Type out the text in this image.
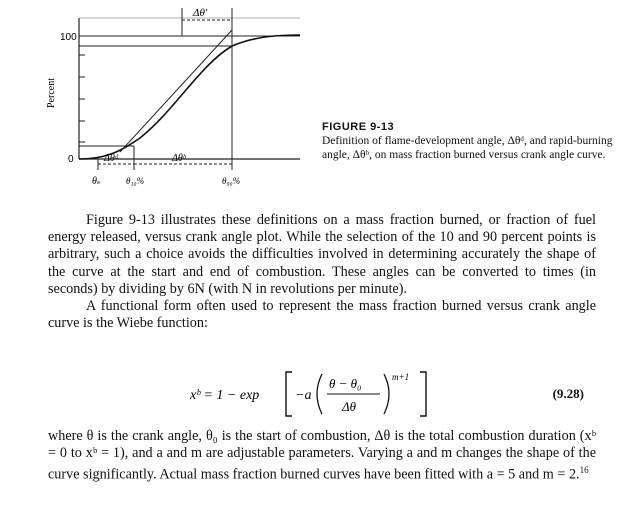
100
0
Percent
Δθ′
Δθᵈ	Δθᵇ
θₛ	θ₁₀%	θ₉₀%
FIGURE 9-13
Definition of flame-development angle, Δθᵈ, and rapid-burning angle, Δθᵇ, on mass fraction burned versus crank angle curve.

Figure 9-13 illustrates these definitions on a mass fraction burned, or fraction of fuel energy released, versus crank angle plot. While the selection of the 10 and 90 percent points is arbitrary, such a choice avoids the difficulties involved in determining accurately the shape of the curve at the start and end of combustion. These angles can be converted to times (in seconds) by dividing by 6N (with N in revolutions per minute).

A functional form often used to represent the mass fraction burned versus crank angle curve is the Wiebe function:

xᵇ = 1 − exp	−a
θ − θ₀
Δθ
m+1
(9.28)

where θ is the crank angle, θ₀ is the start of combustion, Δθ is the total combustion duration (xᵇ = 0 to xᵇ = 1), and a and m are adjustable parameters. Varying a and m changes the shape of the curve significantly. Actual mass fraction burned curves have been fitted with a = 5 and m = 2.16
